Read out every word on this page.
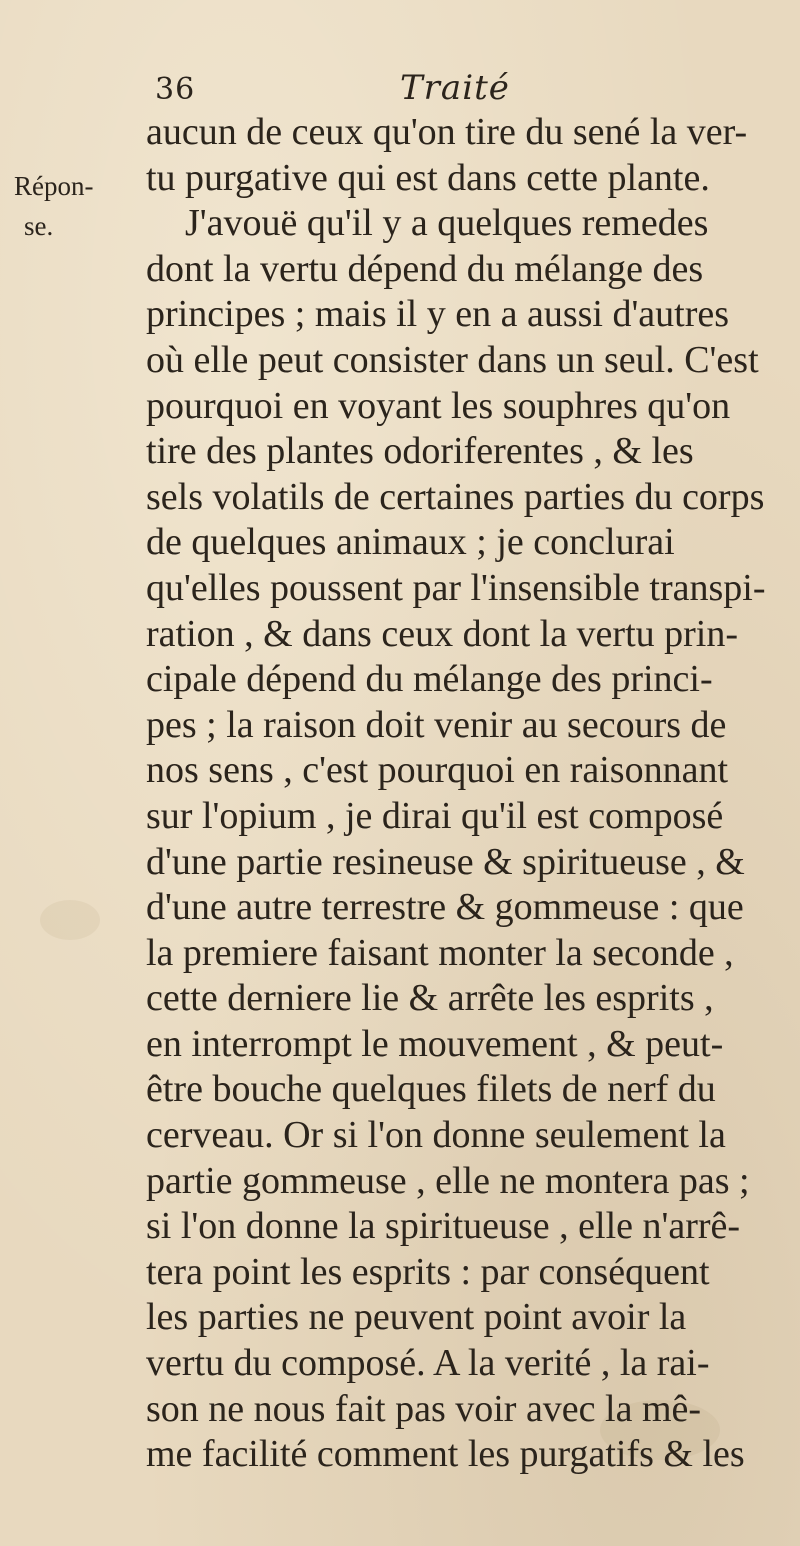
36	Traité
Répon-
se.
aucun de ceux qu'on tire du sené la ver-
tu purgative qui est dans cette plante.
J'avouë qu'il y a quelques remedes
dont la vertu dépend du mélange des
principes ; mais il y en a aussi d'autres
où elle peut consister dans un seul. C'est
pourquoi en voyant les souphres qu'on
tire des plantes odoriferentes , & les
sels volatils de certaines parties du corps
de quelques animaux ; je conclurai
qu'elles poussent par l'insensible transpi-
ration , & dans ceux dont la vertu prin-
cipale dépend du mélange des princi-
pes ; la raison doit venir au secours de
nos sens , c'est pourquoi en raisonnant
sur l'opium , je dirai qu'il est composé
d'une partie resineuse & spiritueuse , &
d'une autre terrestre & gommeuse : que
la premiere faisant monter la seconde ,
cette derniere lie & arrête les esprits ,
en interrompt le mouvement , & peut-
être bouche quelques filets de nerf du
cerveau. Or si l'on donne seulement la
partie gommeuse , elle ne montera pas ;
si l'on donne la spiritueuse , elle n'arrê-
tera point les esprits : par conséquent
les parties ne peuvent point avoir la
vertu du composé. A la verité , la rai-
son ne nous fait pas voir avec la mê-
me facilité comment les purgatifs & les
